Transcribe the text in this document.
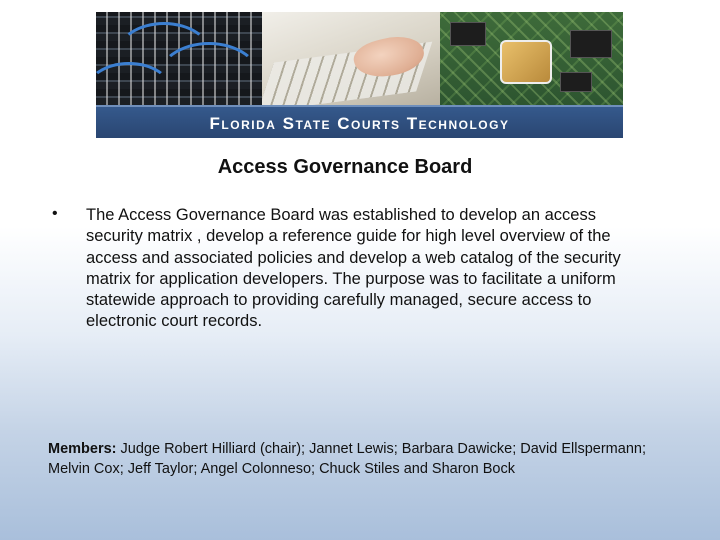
Florida State Courts Technology
Access Governance Board
• The Access Governance Board was established to develop an access security matrix , develop a reference guide for high level overview of the access and associated policies and develop a web catalog of the security matrix for application developers. The purpose was to facilitate a uniform statewide approach to providing carefully managed, secure access to electronic court records.
Members: Judge Robert Hilliard (chair); Jannet Lewis; Barbara Dawicke; David Ellspermann; Melvin Cox; Jeff Taylor; Angel Colonneso; Chuck Stiles and Sharon Bock
